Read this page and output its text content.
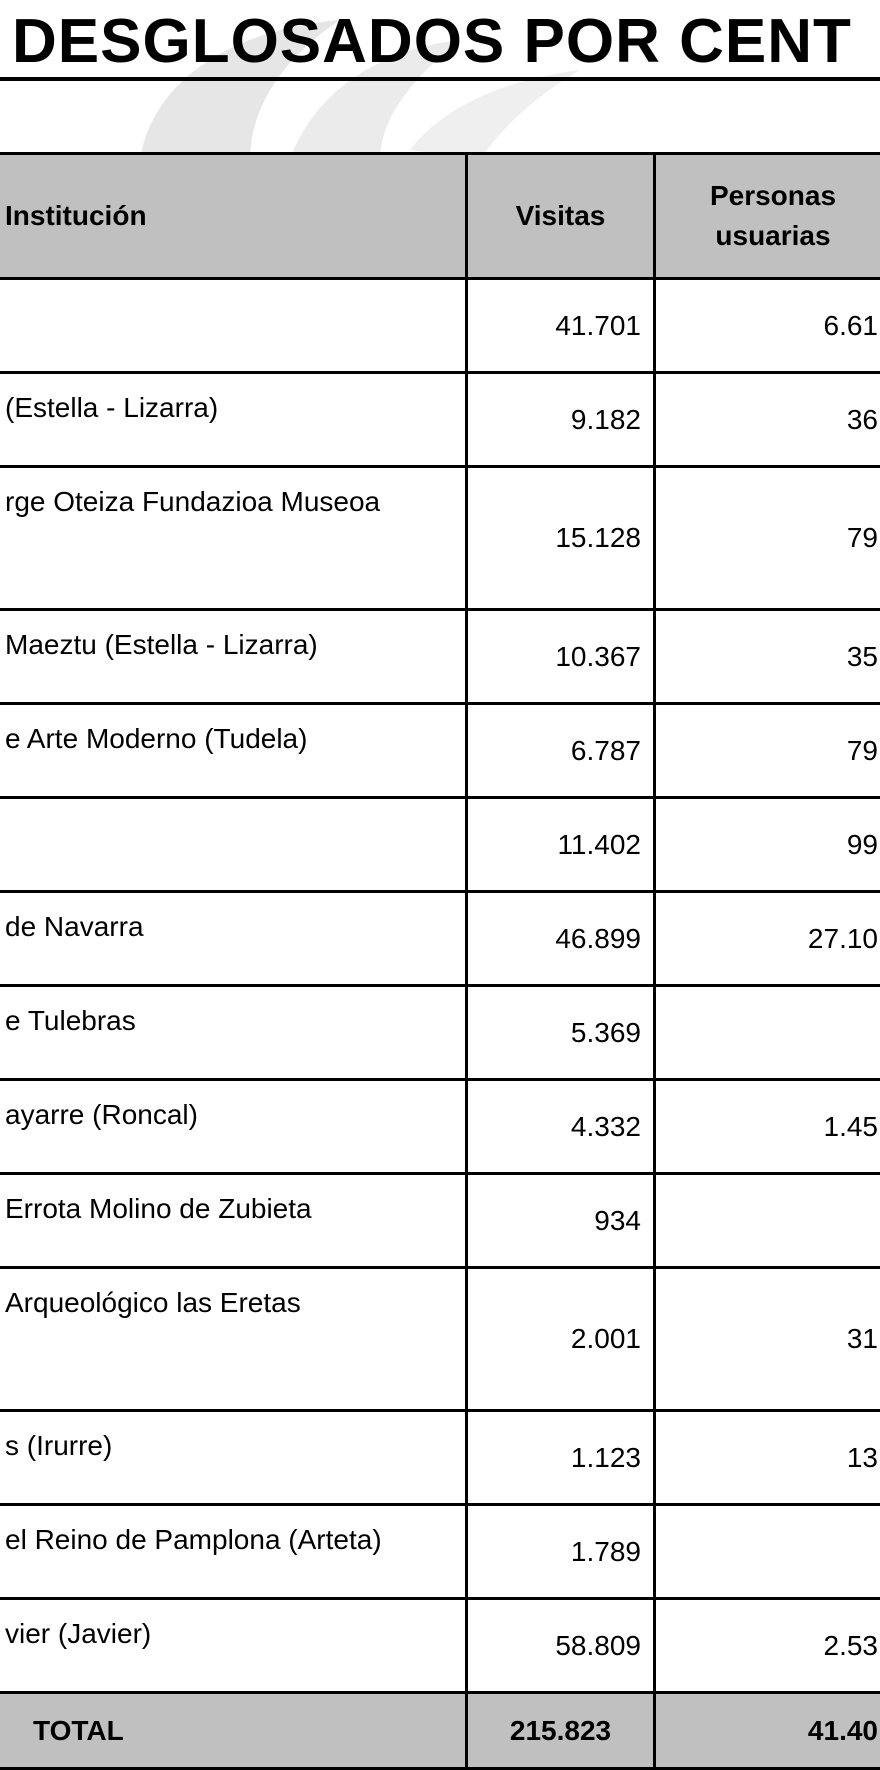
DESGLOSADOS POR CENT
Institución	Visitas	Personas
usuarias
	41.701	6.61
(Estella - Lizarra)	9.182	36
rge Oteiza Fundazioa Museoa	15.128	79
Maeztu (Estella - Lizarra)	10.367	35
e Arte Moderno (Tudela)	6.787	79
	11.402	99
de Navarra	46.899	27.10
e Tulebras	5.369	
ayarre (Roncal)	4.332	1.45
Errota Molino de Zubieta	934	
Arqueológico las Eretas	2.001	31
s (Irurre)	1.123	13
el Reino de Pamplona (Arteta)	1.789	
vier (Javier)	58.809	2.53
TOTAL	215.823	41.40
